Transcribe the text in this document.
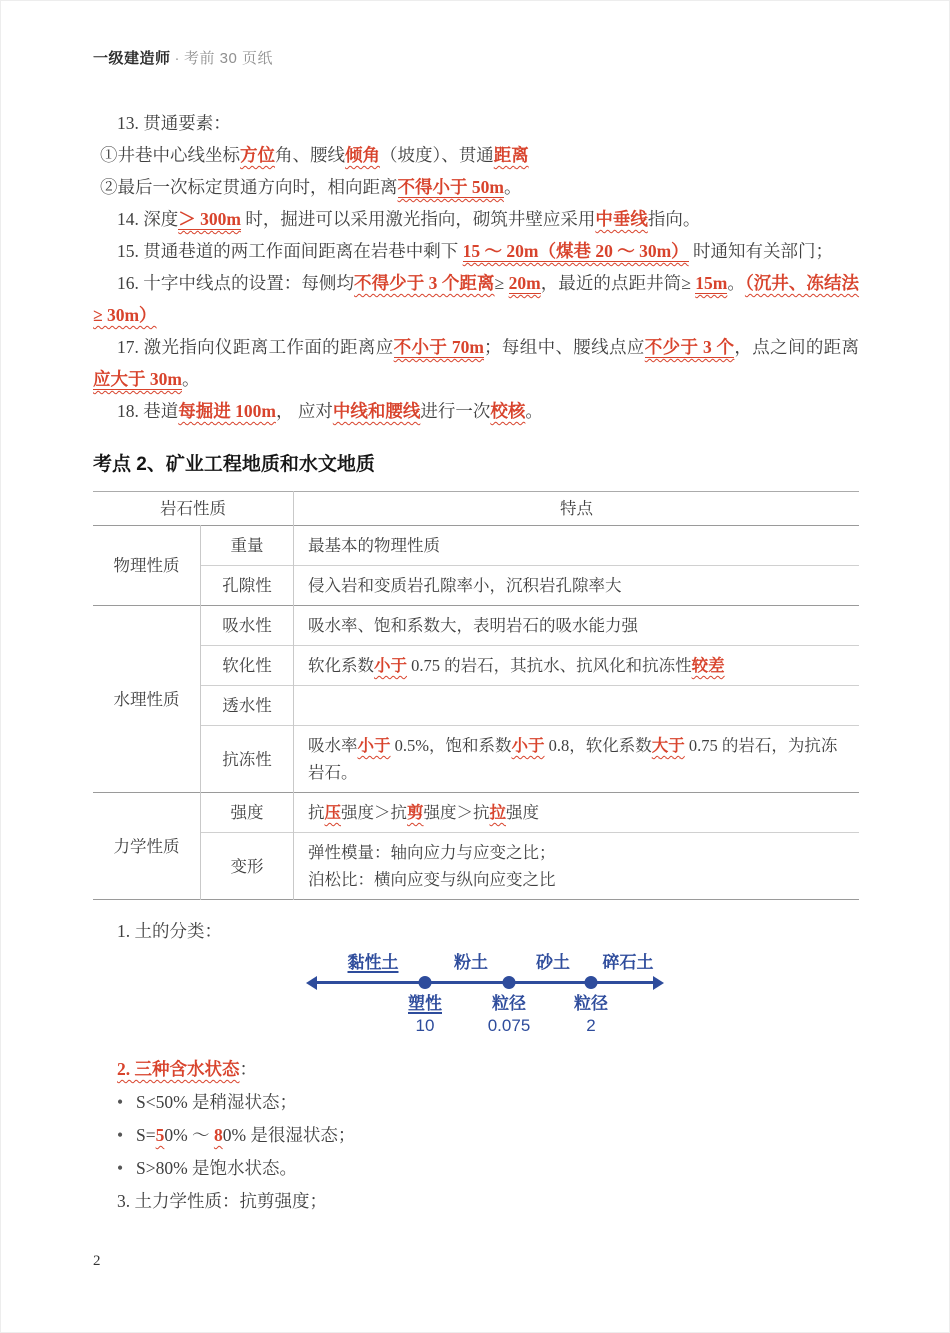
一级建造师 · 考前 30 页纸

13. 贯通要素：

①井巷中心线坐标方位角、腰线倾角（坡度）、贯通距离

②最后一次标定贯通方向时，相向距离不得小于 50m。

14. 深度＞ 300m 时，掘进可以采用激光指向，砌筑井壁应采用中垂线指向。

15. 贯通巷道的两工作面间距离在岩巷中剩下 15 ～ 20m（煤巷 20 ～ 30m） 时通知有关部门；

16. 十字中线点的设置：每侧均不得少于 3 个距离≥ 20m，最近的点距井筒≥ 15m。（沉井、冻结法≥ 30m）

17. 激光指向仪距离工作面的距离应不小于 70m；每组中、腰线点应不少于 3 个，点之间的距离应大于 30m。

18. 巷道每掘进 100m， 应对中线和腰线进行一次校核。

考点 2、矿业工程地质和水文地质
岩石性质		特点
物理性质	重量	最基本的物理性质
	孔隙性	侵入岩和变质岩孔隙率小，沉积岩孔隙率大
水理性质	吸水性	吸水率、饱和系数大，表明岩石的吸水能力强
	软化性	软化系数小于 0.75 的岩石，其抗水、抗风化和抗冻性较差
	透水性	
	抗冻性	吸水率小于 0.5%，饱和系数小于 0.8，软化系数大于 0.75 的岩石，为抗冻岩石。
力学性质	强度	抗压强度＞抗剪强度＞抗拉强度
	变形	弹性模量：轴向应力与应变之比；
泊松比：横向应变与纵向应变之比

1. 土的分类：

黏性土	粉土	砂土 碎石土
塑性
10
粒径
0.075
粒径
2

2. 三种含水状态：

• S<50% 是稍湿状态；

• S=50% ～ 80% 是很湿状态；

• S>80% 是饱水状态。

3. 土力学性质：抗剪强度；

2
